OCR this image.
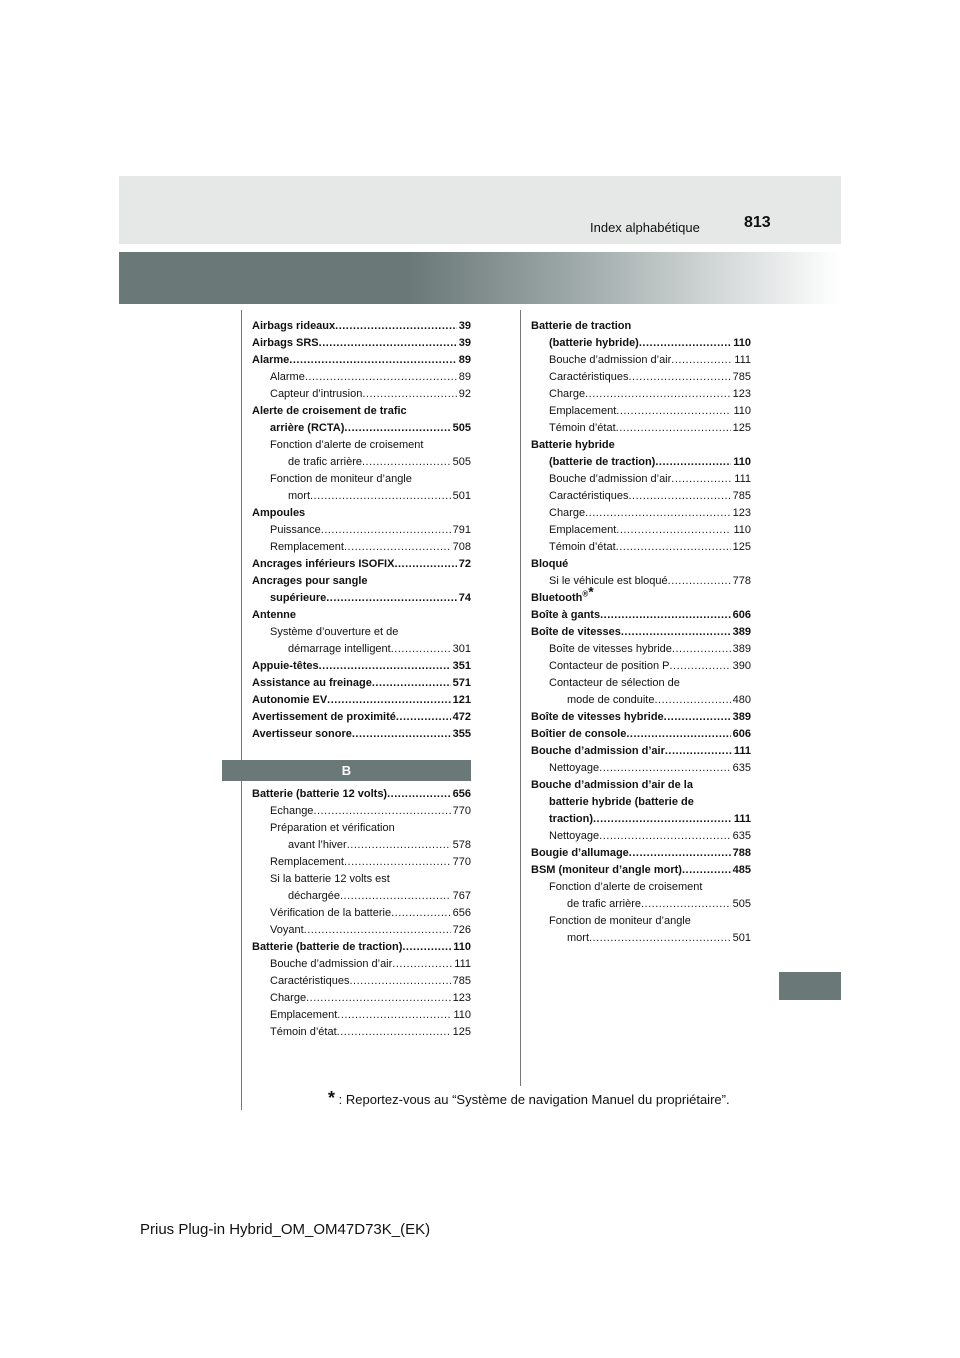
813
Index alphabétique
Airbags rideaux .....	39
Airbags SRS .....	39
Alarme .....	89
Alarme .....	89
Capteur d’intrusion .....	92
Alerte de croisement de trafic
arrière (RCTA) .....	505
Fonction d’alerte de croisement
de trafic arrière .....	505
Fonction de moniteur d’angle
mort .....	501
Ampoules
Puissance .....	791
Remplacement .....	708
Ancrages inférieurs ISOFIX .....	72
Ancrages pour sangle
supérieure .....	74
Antenne
Système d’ouverture et de
démarrage intelligent .....	301
Appuie-têtes .....	351
Assistance au freinage .....	571
Autonomie EV .....	121
Avertissement de proximité .....	472
Avertisseur sonore .....	355
B
Batterie (batterie 12 volts) .....	656
Echange .....	770
Préparation et vérification
avant l’hiver .....	578
Remplacement .....	770
Si la batterie 12 volts est
déchargée .....	767
Vérification de la batterie .....	656
Voyant .....	726
Batterie (batterie de traction) .....	110
Bouche d’admission d’air .....	111
Caractéristiques .....	785
Charge .....	123
Emplacement .....	110
Témoin d’état .....	125
Batterie de traction
(batterie hybride) .....	110
Bouche d’admission d’air .....	111
Caractéristiques .....	785
Charge .....	123
Emplacement .....	110
Témoin d’état .....	125
Batterie hybride
(batterie de traction) .....	110
Bouche d’admission d’air .....	111
Caractéristiques .....	785
Charge .....	123
Emplacement .....	110
Témoin d’état .....	125
Bloqué
Si le véhicule est bloqué .....	778
Bluetooth®*
Boîte à gants .....	606
Boîte de vitesses .....	389
Boîte de vitesses hybride .....	389
Contacteur de position P .....	390
Contacteur de sélection de
mode de conduite .....	480
Boîte de vitesses hybride .....	389
Boîtier de console .....	606
Bouche d’admission d’air .....	111
Nettoyage .....	635
Bouche d’admission d’air de la
batterie hybride (batterie de
traction) .....	111
Nettoyage .....	635
Bougie d’allumage .....	788
BSM (moniteur d’angle mort) .....	485
Fonction d’alerte de croisement
de trafic arrière .....	505
Fonction de moniteur d’angle
mort .....	501
* : Reportez-vous au “Système de navigation Manuel du propriétaire”.
Prius Plug-in Hybrid_OM_OM47D73K_(EK)
